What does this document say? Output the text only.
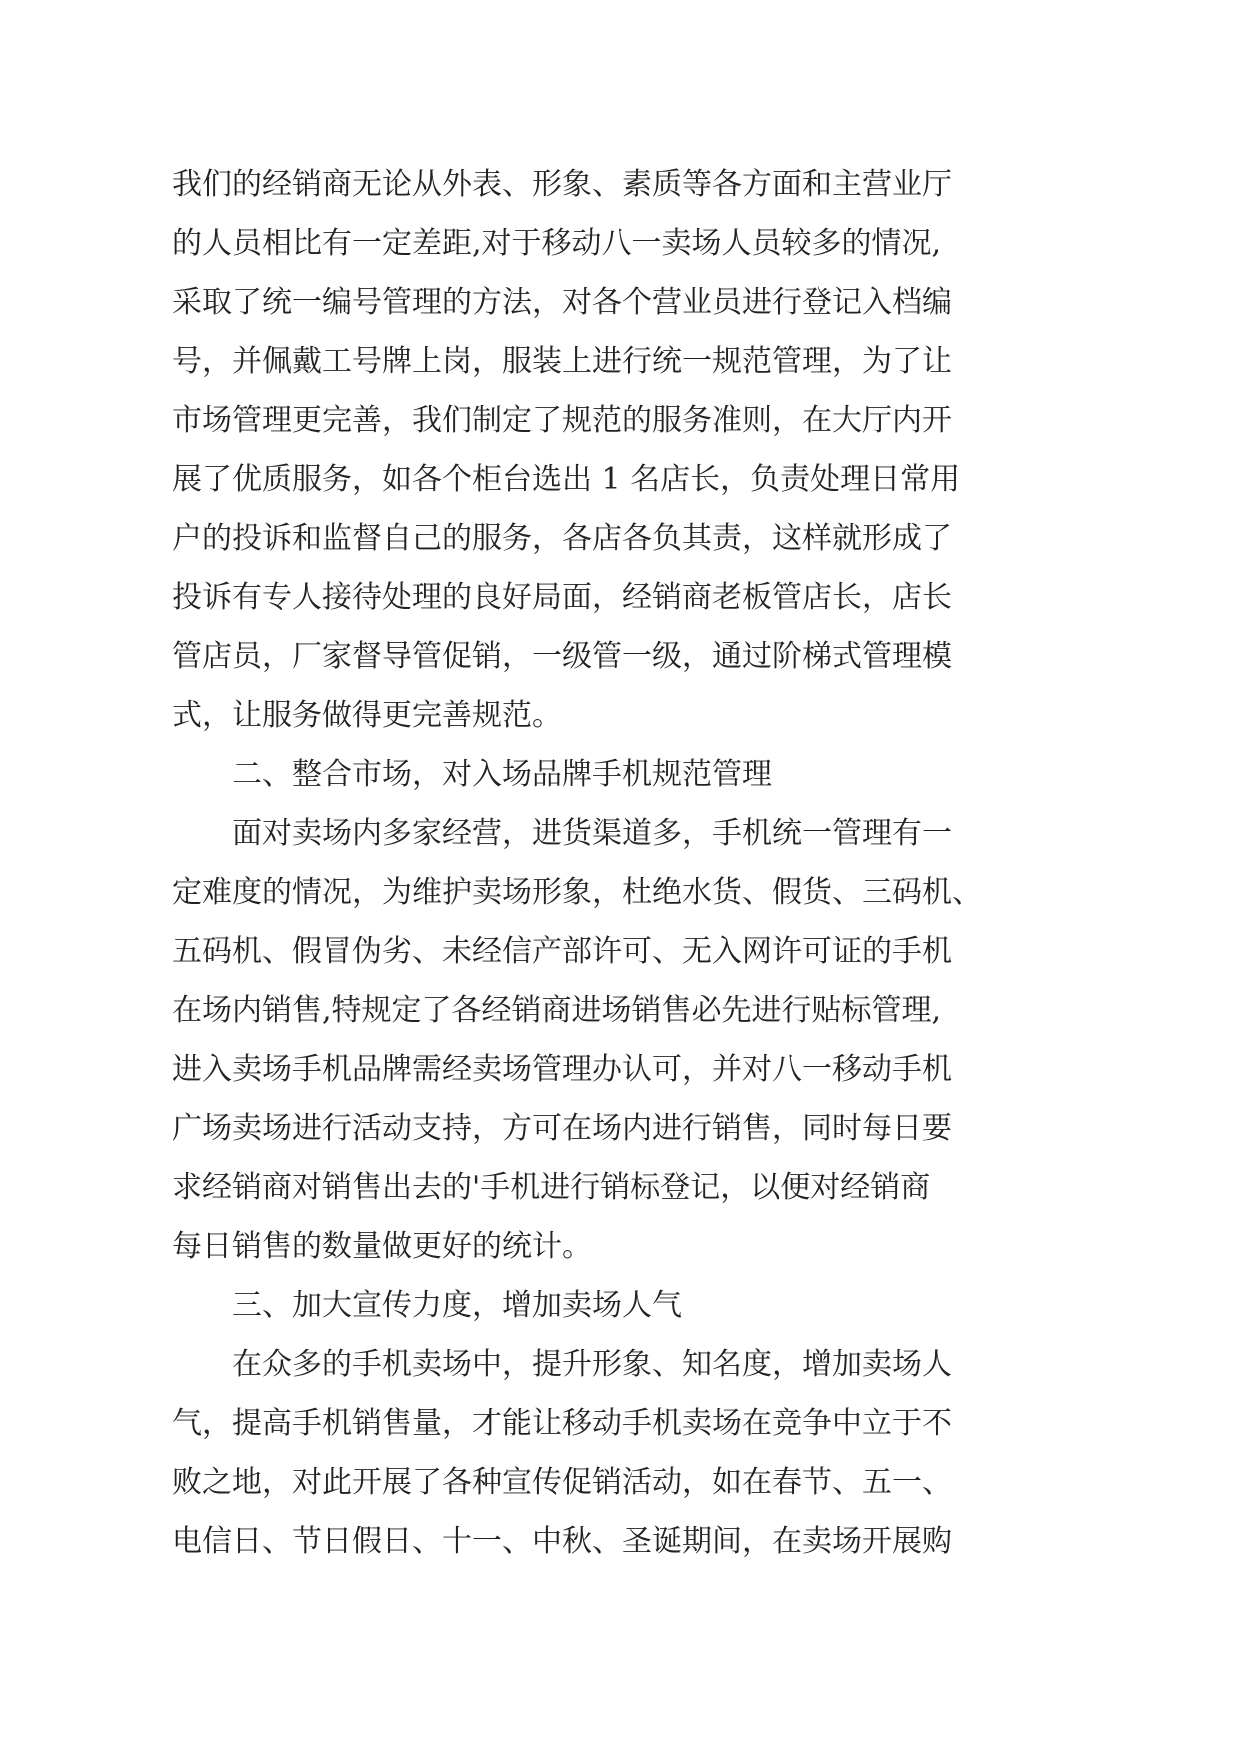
我们的经销商无论从外表、形象、素质等各方面和主营业厅
的人员相比有一定差距,对于移动八一卖场人员较多的情况,
采取了统一编号管理的方法，对各个营业员进行登记入档编
号，并佩戴工号牌上岗，服装上进行统一规范管理，为了让
市场管理更完善，我们制定了规范的服务准则，在大厅内开
展了优质服务，如各个柜台选出 1 名店长，负责处理日常用
户的投诉和监督自己的服务，各店各负其责，这样就形成了
投诉有专人接待处理的良好局面，经销商老板管店长，店长
管店员，厂家督导管促销，一级管一级，通过阶梯式管理模
式，让服务做得更完善规范。
二、整合市场，对入场品牌手机规范管理
面对卖场内多家经营，进货渠道多，手机统一管理有一
定难度的情况，为维护卖场形象，杜绝水货、假货、三码机、
五码机、假冒伪劣、未经信产部许可、无入网许可证的手机
在场内销售,特规定了各经销商进场销售必先进行贴标管理,
进入卖场手机品牌需经卖场管理办认可，并对八一移动手机
广场卖场进行活动支持，方可在场内进行销售，同时每日要
求经销商对销售出去的'手机进行销标登记，以便对经销商
每日销售的数量做更好的统计。
三、加大宣传力度，增加卖场人气
在众多的手机卖场中，提升形象、知名度，增加卖场人
气，提高手机销售量，才能让移动手机卖场在竞争中立于不
败之地，对此开展了各种宣传促销活动，如在春节、五一、
电信日、节日假日、十一、中秋、圣诞期间，在卖场开展购
